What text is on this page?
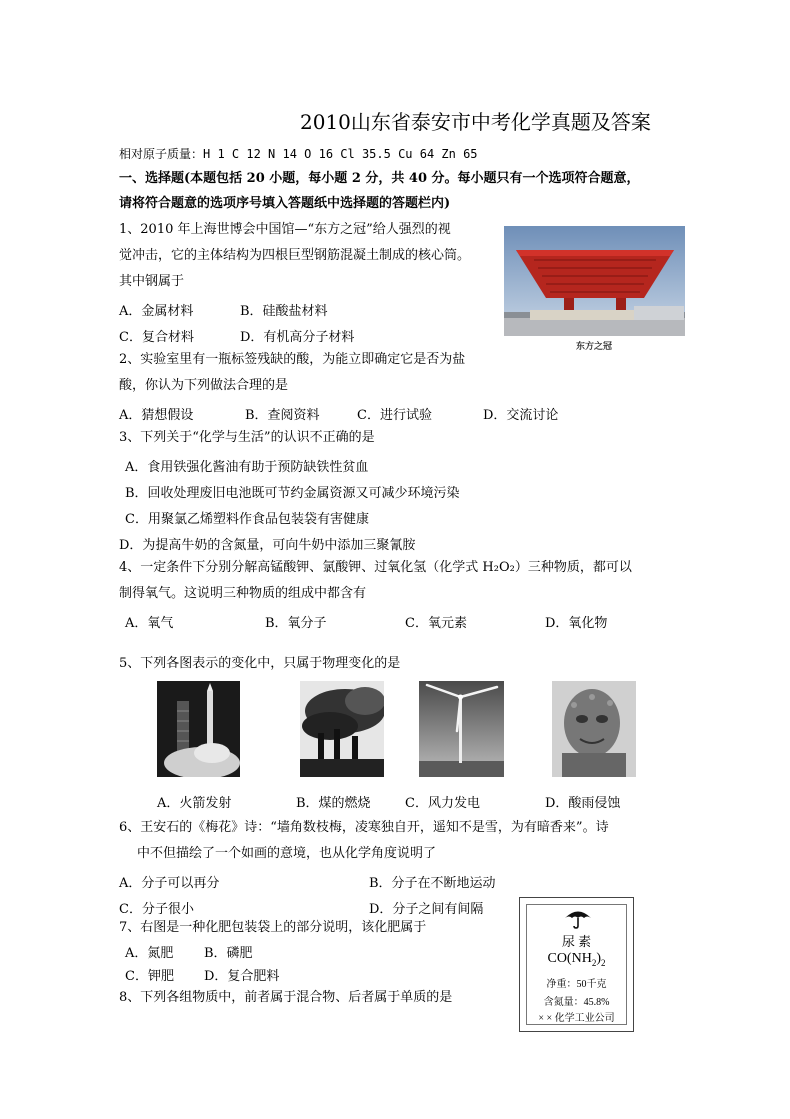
2010山东省泰安市中考化学真题及答案
相对原子质量：H 1 C 12 N 14 O 16 Cl 35.5 Cu 64 Zn 65
一、选择题(本题包括 20 小题，每小题 2 分，共 40 分。每小题只有一个选项符合题意，
请将符合题意的选项序号填入答题纸中选择题的答题栏内)
1、2010 年上海世博会中国馆—“东方之冠”给人强烈的视
觉冲击，它的主体结构为四根巨型钢筋混凝土制成的核心筒。
其中钢属于
A．金属材料	B．硅酸盐材料
C．复合材料	D．有机高分子材料
东方之冠
2、实验室里有一瓶标签残缺的酸，为能立即确定它是否为盐
酸，你认为下列做法合理的是
A．猜想假设	B．查阅资料	C．进行试验	D．交流讨论
3、下列关于“化学与生活”的认识不正确的是
A．食用铁强化酱油有助于预防缺铁性贫血
B．回收处理废旧电池既可节约金属资源又可减少环境污染
C．用聚氯乙烯塑料作食品包装袋有害健康
D．为提高牛奶的含氮量，可向牛奶中添加三聚氰胺
4、一定条件下分别分解高锰酸钾、氯酸钾、过氧化氢（化学式 H₂O₂）三种物质，都可以
制得氧气。这说明三种物质的组成中都含有
A．氧气	B．氧分子	C．氧元素	D．氧化物
5、下列各图表示的变化中，只属于物理变化的是
A．火箭发射	B．煤的燃烧	C．风力发电	D．酸雨侵蚀
6、王安石的《梅花》诗：“墙角数枝梅，凌寒独自开，遥知不是雪，为有暗香来”。诗
中不但描绘了一个如画的意境，也从化学角度说明了
A．分子可以再分	B．分子在不断地运动
C．分子很小	D．分子之间有间隔
7、右图是一种化肥包装袋上的部分说明，该化肥属于
A．氮肥 B．磷肥
C．钾肥 D．复合肥料
尿 素
$CO(NH_2)_2$
净重：50千克
含氮量：45.8%
× × 化学工业公司
8、下列各组物质中，前者属于混合物、后者属于单质的是
